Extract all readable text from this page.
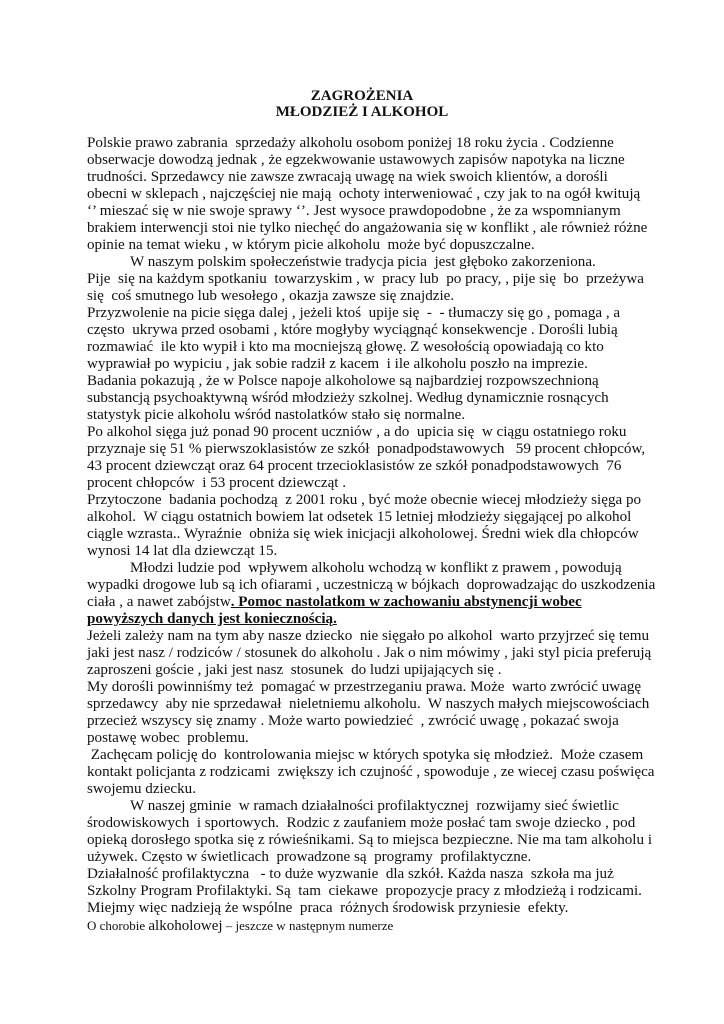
ZAGROŻENIA
MŁODZIEŻ I ALKOHOL
Polskie prawo zabrania  sprzedaży alkoholu osobom poniżej 18 roku życia . Codzienne
obserwacje dowodzą jednak , że egzekwowanie ustawowych zapisów napotyka na liczne
trudności. Sprzedawcy nie zawsze zwracają uwagę na wiek swoich klientów, a dorośli
obecni w sklepach , najczęściej nie mają  ochoty interweniować , czy jak to na ogół kwitują
‘’ mieszać się w nie swoje sprawy ‘’. Jest wysoce prawdopodobne , że za wspomnianym
brakiem interwencji stoi nie tylko niechęć do angażowania się w konflikt , ale również różne
opinie na temat wieku , w którym picie alkoholu  może być dopuszczalne.
W naszym polskim społeczeństwie tradycja picia  jest głęboko zakorzeniona.
Pije  się na każdym spotkaniu  towarzyskim , w  pracy lub  po pracy, , pije się  bo  przeżywa
się  coś smutnego lub wesołego , okazja zawsze się znajdzie.
Przyzwolenie na picie sięga dalej , jeżeli ktoś  upije się  -  - tłumaczy się go , pomaga , a
często  ukrywa przed osobami , które mogłyby wyciągnąć konsekwencje . Dorośli lubią
rozmawiać  ile kto wypił i kto ma mocniejszą głowę. Z wesołością opowiadają co kto
wyprawiał po wypiciu , jak sobie radził z kacem  i ile alkoholu poszło na imprezie.
Badania pokazują , że w Polsce napoje alkoholowe są najbardziej rozpowszechnioną
substancją psychoaktywną wśród młodzieży szkolnej. Według dynamicznie rosnących
statystyk picie alkoholu wśród nastolatków stało się normalne.
Po alkohol sięga już ponad 90 procent uczniów , a do  upicia się  w ciągu ostatniego roku
przyznaje się 51 % pierwszoklasistów ze szkół  ponadpodstawowych   59 procent chłopców,
43 procent dziewcząt oraz 64 procent trzecioklasistów ze szkół ponadpodstawowych  76
procent chłopców  i 53 procent dziewcząt .
Przytoczone  badania pochodzą  z 2001 roku , być może obecnie wiecej młodzieży sięga po
alkohol.  W ciągu ostatnich bowiem lat odsetek 15 letniej młodzieży sięgającej po alkohol
ciągle wzrasta.. Wyraźnie  obniża się wiek inicjacji alkoholowej. Średni wiek dla chłopców
wynosi 14 lat dla dziewcząt 15.
Młodzi ludzie pod  wpływem alkoholu wchodzą w konflikt z prawem , powodują
wypadki drogowe lub są ich ofiarami , uczestniczą w bójkach  doprowadzając do uszkodzenia
ciała , a nawet zabójstw. Pomoc nastolatkom w zachowaniu abstynencji wobec
powyższych danych jest koniecznością.
Jeżeli zależy nam na tym aby nasze dziecko  nie sięgało po alkohol  warto przyjrzeć się temu
jaki jest nasz / rodziców / stosunek do alkoholu . Jak o nim mówimy , jaki styl picia preferują
zaproszeni goście , jaki jest nasz  stosunek  do ludzi upijających się .
My dorośli powinniśmy też  pomagać w przestrzeganiu prawa. Może  warto zwrócić uwagę
sprzedawcy  aby nie sprzedawał  nieletniemu alkoholu.  W naszych małych miejscowościach
przecież wszyscy się znamy . Może warto powiedzieć  , zwrócić uwagę , pokazać swoja
postawę wobec  problemu.
Zachęcam policję do  kontrolowania miejsc w których spotyka się młodzież.  Może czasem
kontakt policjanta z rodzicami  zwiększy ich czujność , spowoduje , ze wiecej czasu poświęca
swojemu dziecku.
W naszej gminie  w ramach działalności profilaktycznej  rozwijamy sieć świetlic
środowiskowych  i sportowych.  Rodzic z zaufaniem może posłać tam swoje dziecko , pod
opieką dorosłego spotka się z rówieśnikami. Są to miejsca bezpieczne. Nie ma tam alkoholu i
używek. Często w świetlicach  prowadzone są  programy  profilaktyczne.
Działalność profilaktyczna   - to duże wyzwanie  dla szkół. Każda nasza  szkoła ma już
Szkolny Program Profilaktyki. Są  tam  ciekawe  propozycje pracy z młodzieżą i rodzicami.
Miejmy więc nadzieją że wspólne  praca  różnych środowisk przyniesie  efekty.
O chorobie alkoholowej – jeszcze w następnym numerze
